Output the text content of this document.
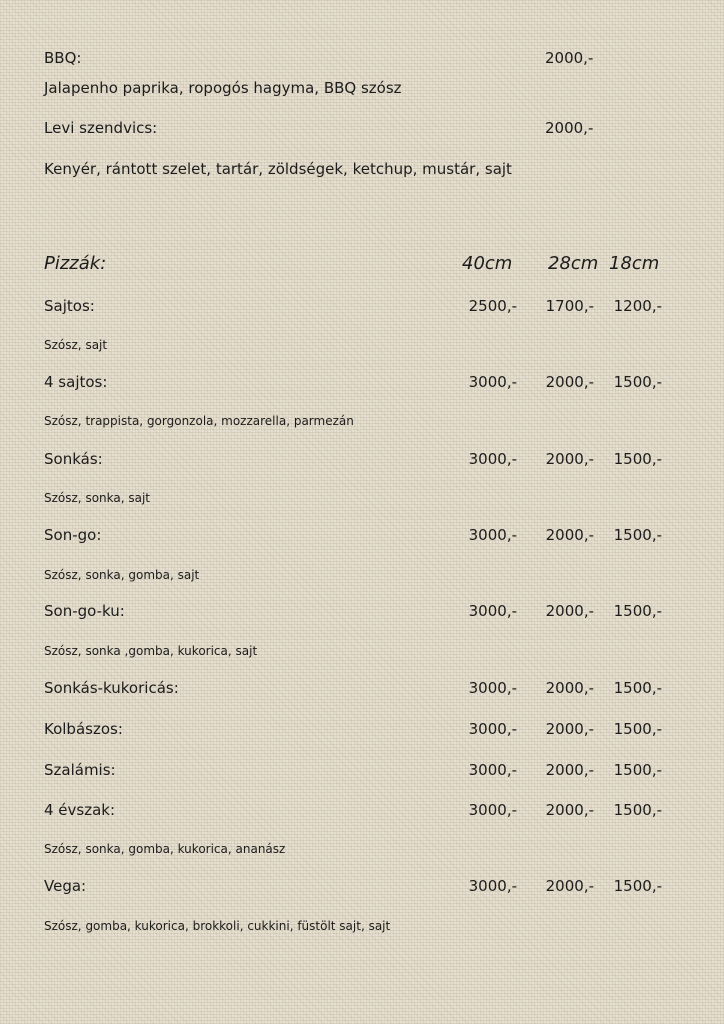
BBQ:	2000,-
Jalapenho paprika, ropogós hagyma, BBQ szósz
Levi szendvics:	2000,-
Kenyér, rántott szelet, tartár, zöldségek, ketchup, mustár, sajt
Pizzák:	40cm 28cm 18cm
Sajtos:	2500,- 1700,- 1200,-
Szósz, sajt
4 sajtos:	3000,- 2000,- 1500,-
Szósz, trappista, gorgonzola, mozzarella, parmezán
Sonkás:	3000,- 2000,- 1500,-
Szósz, sonka, sajt
Son-go:	3000,- 2000,- 1500,-
Szósz, sonka, gomba, sajt
Son-go-ku:	3000,- 2000,- 1500,-
Szósz, sonka ,gomba, kukorica, sajt
Sonkás-kukoricás:	3000,- 2000,- 1500,-
Kolbászos:	3000,- 2000,- 1500,-
Szalámis:	3000,- 2000,- 1500,-
4 évszak:	3000,- 2000,- 1500,-
Szósz, sonka, gomba, kukorica, ananász
Vega:	3000,- 2000,- 1500,-
Szósz, gomba, kukorica, brokkoli, cukkini, füstölt sajt, sajt
